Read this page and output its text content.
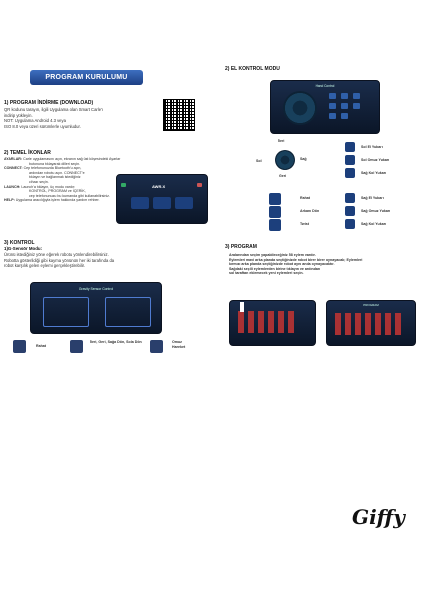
PROGRAM KURULUMU
1) PROGRAM İNDİRME (DOWNLOAD)
QR kodunu tarayın, ilgili Uygulama olan Smart Carle'ı
indirip yükleyin.
NOT: Uygulama Android 4.3 veya
ISO 8.0 veya üzeri sürümlerle uyumludur.
2) TEMEL İKONLAR
AYARLAR: Carle uygulamasını açın, ekranın sağ üst köşesindeki Ayarlar
butonuna tıklayarak dilleri seçin.
CONNECT: Cep telefonunuzda Bluetooth'u açın,
ardından robotu açın. CONNECT'e
tıklayın ve bağlanmak istediğiniz
cihazı seçin.
LAUNCH: Launch'a tıklayın, üç modu vardır:
KONTROL, PROGRAM ve İÇERİK,
cep telefonunuzu bu kumanda gibi kullanabilirsiniz.
HELP: Uygulama aracılığıyla işlem hakkında yardım rehber.
AWR.X
3) KONTROL
1)G-Sensör Modu:
Ürünü istediğiniz yöne eğerek robotu yönlendirebilirsiniz.
Robotta gösterildiği gibi kayma yönünün her iki tarafında da
robot karşılık gelen eylemi gerçekleştirebilir.
Gravity Sensor Control
Rahat
İleri, Geri, Sağa Dön, Sola Dön	Omuz Hareket
2) EL KONTROL MODU
Hand Control
İleri
Sol	Sağ
Geri
Sol El Yukarı
Sol Omuz Yukarı
Sağ Kol Yukarı
Sağ El Yukarı
Sağ Omuz Yukarı
Sağ Kol Yukarı
Rahat
Arkanı Dön
Twist
3) PROGRAM
Aralarından seçim yapabileceğiniz 58 eylem vardır.
Eylemleri mavi arka planda seçtiğinizde robot birer birer oynayacak; Eylemleri
kırmızı arka planda seçtiğinizde robot aynı anda oynayacaktır.
Sağdaki seçili eylemlerden birine tıklayın ve ardından
sol taraftan eklemecek yeni eylemleri seçin.
PROGRAM
Giffy
